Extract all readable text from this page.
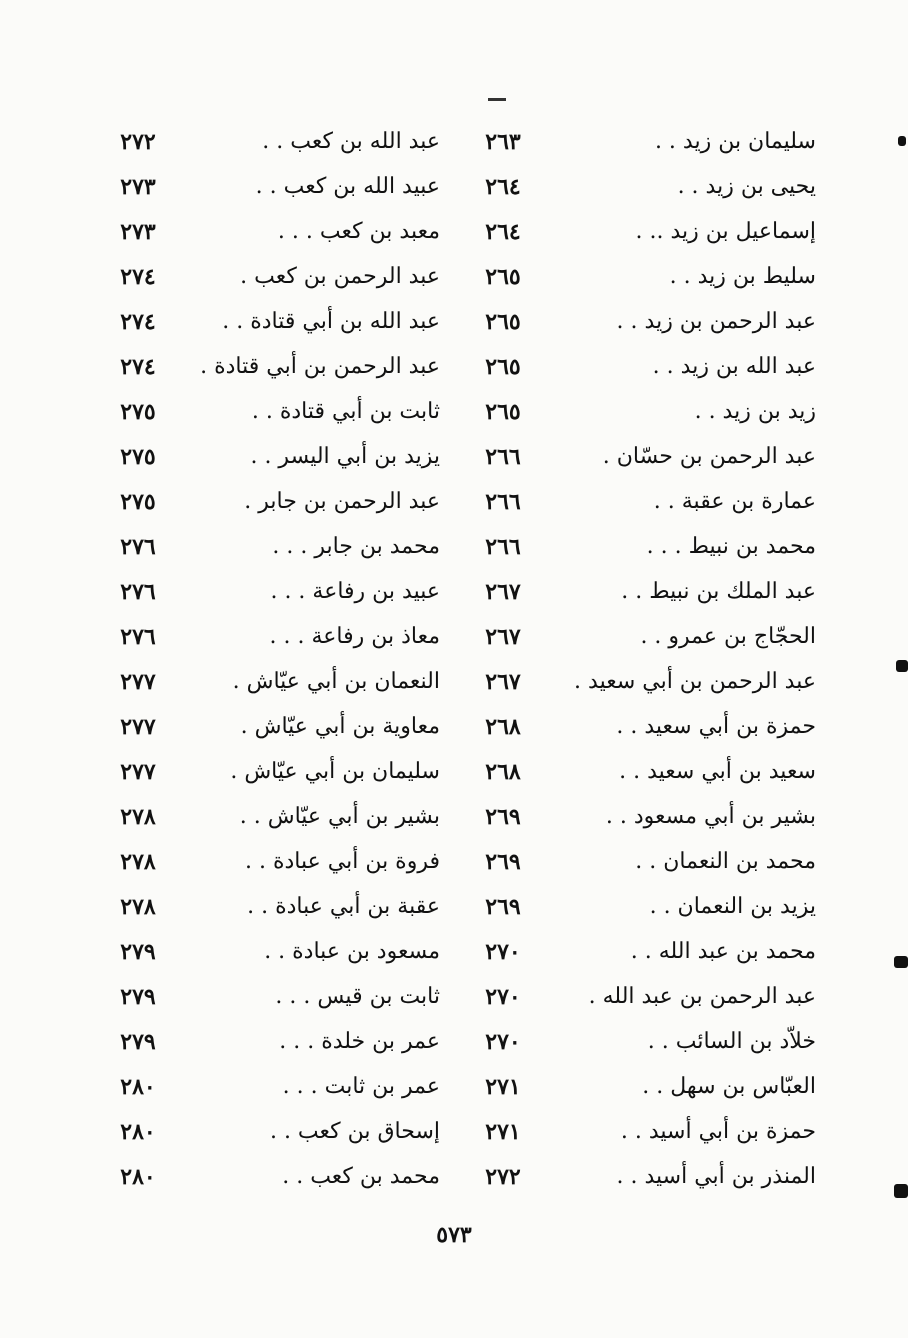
سليمان بن زيد . .
٢٦٣
عبد الله بن كعب . .
٢٧٢
يحيى بن زيد . .
٢٦٤
عبيد الله بن كعب . .
٢٧٣
إسماعيل بن زيد .. .
٢٦٤
معبد بن كعب . . .
٢٧٣
سليط بن زيد . .
٢٦٥
عبد الرحمن بن كعب .
٢٧٤
عبد الرحمن بن زيد . .
٢٦٥
عبد الله بن أبي قتادة . .
٢٧٤
عبد الله بن زيد . .
٢٦٥
عبد الرحمن بن أبي قتادة .
٢٧٤
زيد بن زيد . .
٢٦٥
ثابت بن أبي قتادة . .
٢٧٥
عبد الرحمن بن حسّان .
٢٦٦
يزيد بن أبي اليسر . .
٢٧٥
عمارة بن عقبة . .
٢٦٦
عبد الرحمن بن جابر .
٢٧٥
محمد بن نبيط . . .
٢٦٦
محمد بن جابر . . .
٢٧٦
عبد الملك بن نبيط . .
٢٦٧
عبيد بن رفاعة . . .
٢٧٦
الحجّاج بن عمرو . .
٢٦٧
معاذ بن رفاعة . . .
٢٧٦
عبد الرحمن بن أبي سعيد .
٢٦٧
النعمان بن أبي عيّاش .
٢٧٧
حمزة بن أبي سعيد . .
٢٦٨
معاوية بن أبي عيّاش .
٢٧٧
سعيد بن أبي سعيد . .
٢٦٨
سليمان بن أبي عيّاش .
٢٧٧
بشير بن أبي مسعود . .
٢٦٩
بشير بن أبي عيّاش . .
٢٧٨
محمد بن النعمان . .
٢٦٩
فروة بن أبي عبادة . .
٢٧٨
يزيد بن النعمان . .
٢٦٩
عقبة بن أبي عبادة . .
٢٧٨
محمد بن عبد الله . .
٢٧٠
مسعود بن عبادة . .
٢٧٩
عبد الرحمن بن عبد الله .
٢٧٠
ثابت بن قيس . . .
٢٧٩
خلاّد بن السائب . .
٢٧٠
عمر بن خلدة . . .
٢٧٩
العبّاس بن سهل . .
٢٧١
عمر بن ثابت . . .
٢٨٠
حمزة بن أبي أسيد . .
٢٧١
إسحاق بن كعب . .
٢٨٠
المنذر بن أبي أسيد . .
٢٧٢
محمد بن كعب . .
٢٨٠
٥٧٣
